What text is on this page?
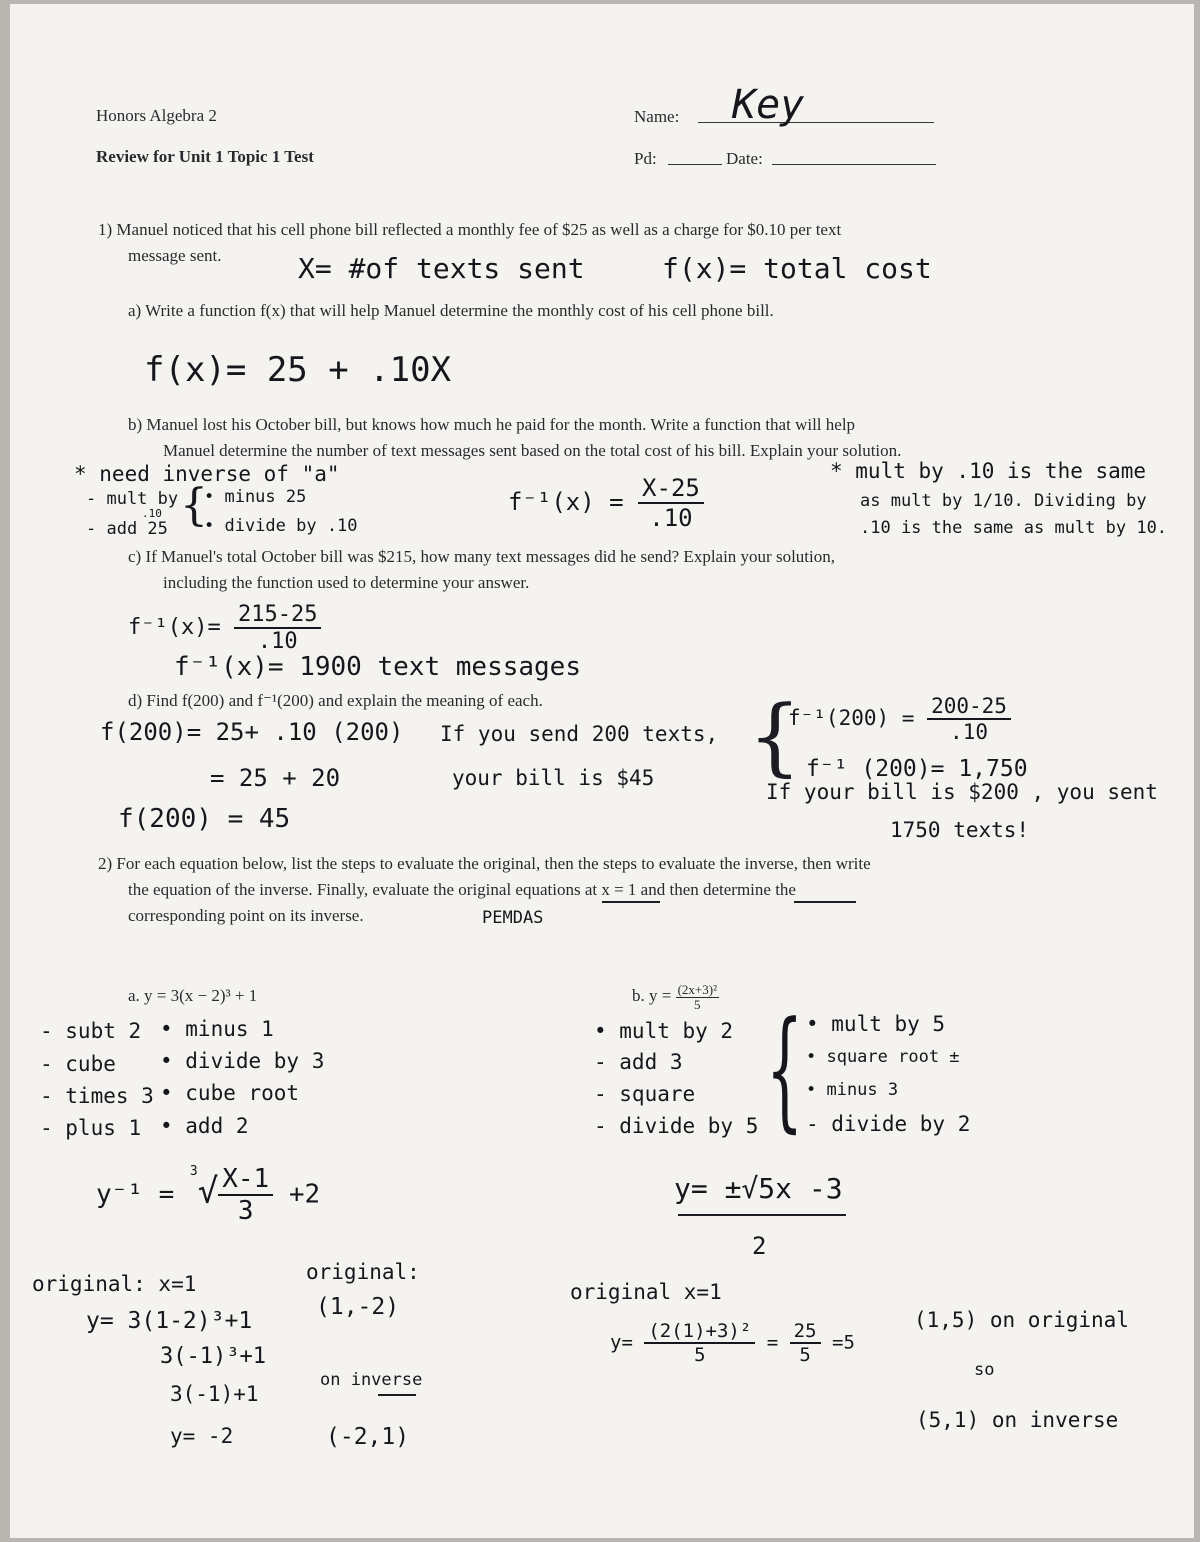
Honors Algebra 2
Review for Unit 1 Topic 1 Test
Name: Key
Pd:	Date:
1) Manuel noticed that his cell phone bill reflected a monthly fee of $25 as well as a charge for $0.10 per text
message sent.	X= #of texts sent	f(x)= total cost
a) Write a function f(x) that will help Manuel determine the monthly cost of his cell phone bill.
f(x)= 25 + .10X
b) Manuel lost his October bill, but knows how much he paid for the month. Write a function that will help
Manuel determine the number of text messages sent based on the total cost of his bill. Explain your solution.
* need inverse of "a"
- mult by
.10
- add 25 {
• minus 25
• divide by .10
$f^{-1}(x) = \frac{X-25}{.10}$
* mult by .10 is the same
as mult by 1/10. Dividing by
.10 is the same as mult by 10.
c) If Manuel's total October bill was $215, how many text messages did he send? Explain your solution,
including the function used to determine your answer.
$f^{-1}(x)= \frac{215-25}{.10}$
f⁻¹(x)= 1900 text messages
d) Find f(200) and f⁻¹(200) and explain the meaning of each.
f(200)= 25+ .10 (200)
= 25 + 20
f(200) = 45
If you send 200 texts,
your bill is $45 {
$f^{-1}(200) = \frac{200-25}{.10}$
f⁻¹ (200)= 1,750
If your bill is $200 , you sent
1750 texts!
2) For each equation below, list the steps to evaluate the original, then the steps to evaluate the inverse, then write
the equation of the inverse. Finally, evaluate the original equations at x = 1 and then determine the
corresponding point on its inverse.	PEMDAS
a. y = 3(x − 2)³ + 1
- subt 2
- cube
- times 3
- plus 1
• minus 1
• divide by 3
• cube root
• add 2
$y^{-1} = ^3√ \frac{X-1}{3} +2$
original: x=1
y= 3(1-2)³+1
3(-1)³+1
3(-1)+1
y= -2
original:
(1,-2)
on inverse
(-2,1)
b. $y = \frac{\text{(2x+3)²}}{5}$
• mult by 2
- add 3
- square
- divide by 5 { • mult by 5
• square root ±
• minus 3
- divide by 2
y= ±√5x -3
2
original x=1
$y= \frac{\text{(2(1)+3)²}}{5} = \frac{25}{5} =5$
(1,5) on original
so
(5,1) on inverse
